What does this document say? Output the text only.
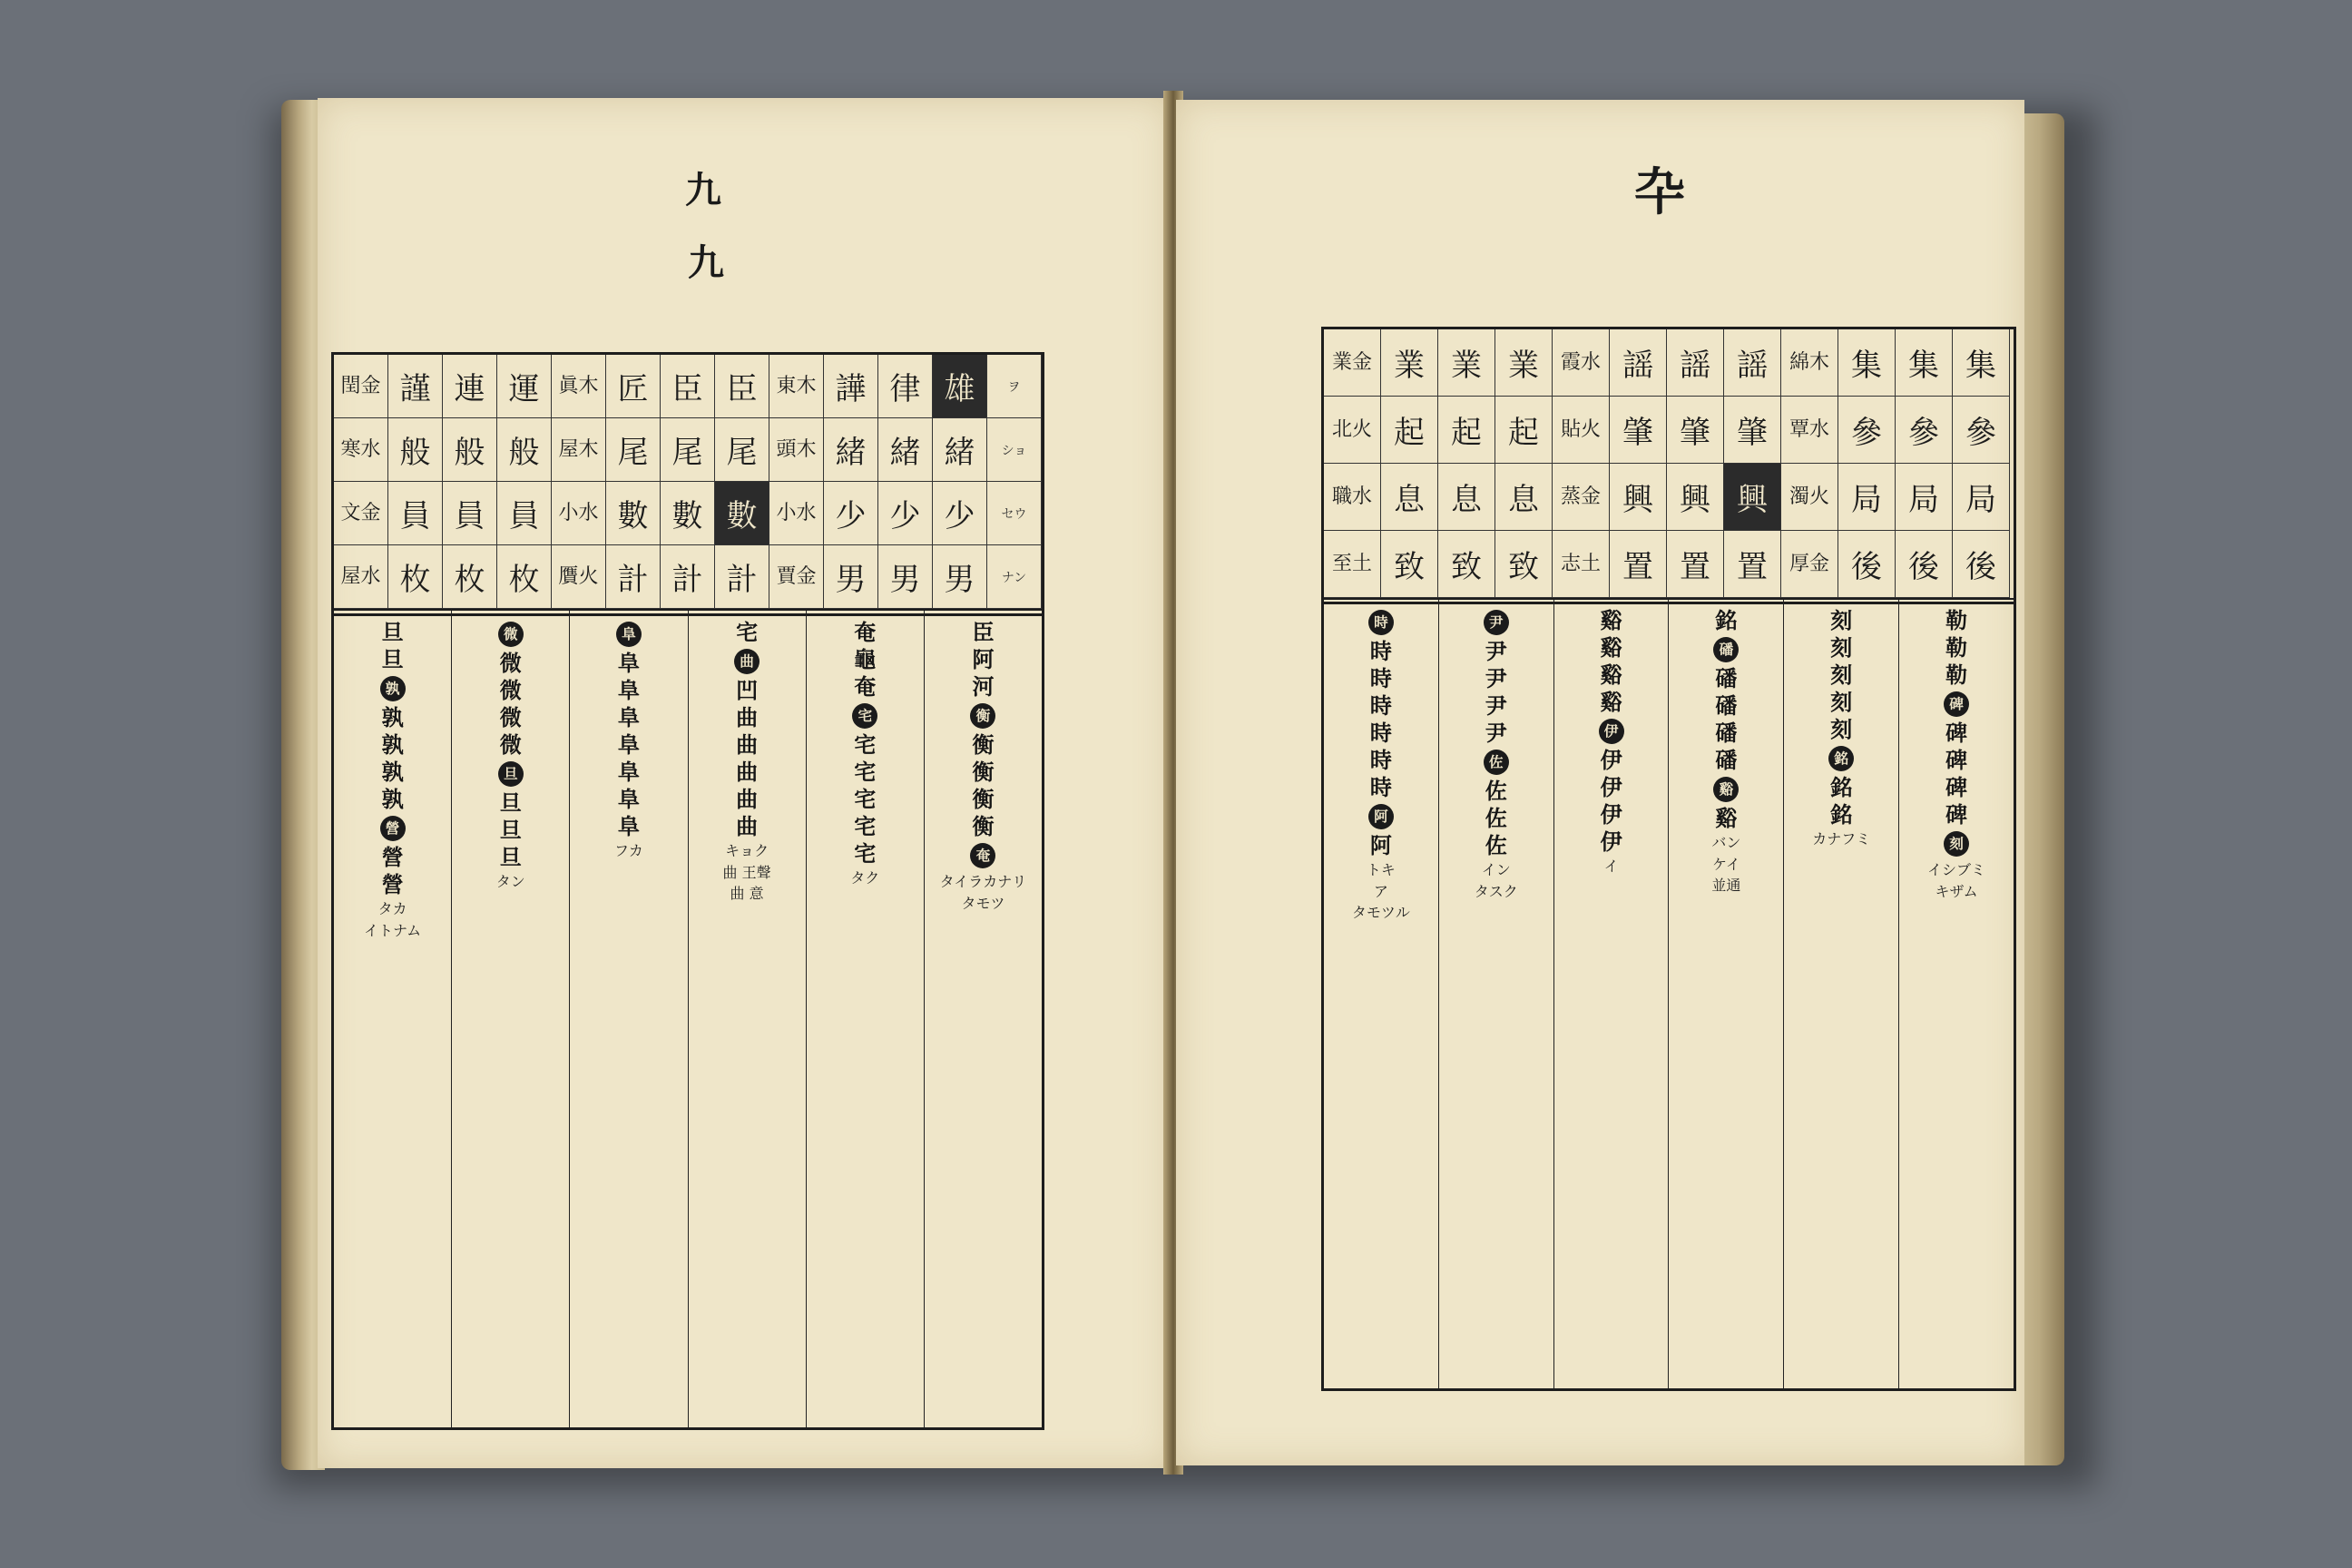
九
九
閏金 謹 連 運 眞木 匠 臣 臣 東木 譁 律 雄	ヲ
寒水 般 般 般 屋木 尾 尾 尾 頭木 緒 緒 緒	ショ
文金 員 員 員 小水 數 數 數 小水 少 少 少	セウ
屋水 枚 枚 枚 贋火 計 計 計 賈金 男 男 男	ナン
旦
旦
孰
孰
孰
孰
孰
營
營
營
タカ
イトナム
微
微
微
微
微
旦
旦
旦
旦
タン
阜
阜
阜
阜
阜
阜
阜
阜
フカ
宅
曲
凹
曲
曲
曲
曲
曲
キョク
曲 王聲
曲 意
奄
龜
奄
宅
宅
宅
宅
宅
宅
タク
臣
阿
河
衡
衡
衡
衡
衡
奄
タイラカナリ
タモツ
卆
業金 業 業 業	霞水 謡 謡 謡	綿木 集 集 集
北火 起 起 起	貼火 肇 肇 肇	覃水 參 參 參
職水 息 息 息	蒸金 興 興 興	濁火 局 局 局
至土 致 致 致	志土 置 置 置	厚金 後 後 後
時
時
時
時
時
時
時
阿
阿
トキ
ア
タモツル
尹
尹
尹
尹
尹
佐
佐
佐
佐
イン
タスク
谿
谿
谿
谿
伊
伊
伊
伊
伊
イ
銘
磻
磻
磻
磻
磻
谿
谿
バン
ケイ
並通
刻
刻
刻
刻
刻
銘
銘
銘
カナフミ
勒
勒
勒
碑
碑
碑
碑
碑
刻
イシブミ
キザム
